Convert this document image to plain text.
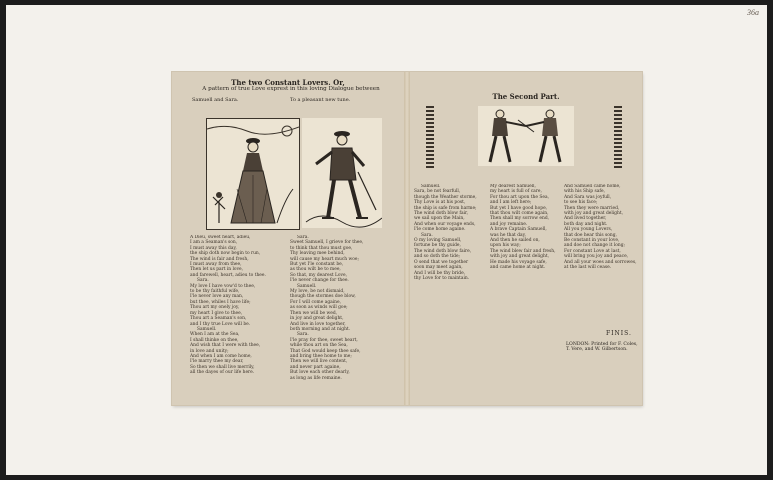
36a
The two Constant Lovers. Or,
A pattern of true Love exprest in this loving Dialogue between
Samuell and Sara.	To a pleasant new tune.
A Dieu, sweet heart, adieu,
I am a Seaman's son,
I must away this day,
the ship doth now begin to run,
The wind is fair and fresh,
I must away from thee,
Then let us part in love,
and farewell, heart, adieu to thee.
Sara.
My love I have vow'd to thee,
to be thy faithful wife,
I'le never love any man,
but thee, whiles I have life;
Thou art my onely joy,
my heart I give to thee,
Thou art a Seaman's son,
and I thy true Love will be.
Samuell.
When I am at the Sea,
I shall thinke on thee,
And wish that I were with thee,
in love and unity;
And when I am come home,
I'le marry thee my dear,
So then we shall live merrily,
all the dayes of our life here.
Sara.
Sweet Samuell, I grieve for thee,
to think that thou must goe,
Thy leaving mee behind,
will cause my heart much woe;
But yet I'le constant be,
as thou wilt be to mee,
So that, my dearest Love,
I'le never change for thee.
Samuell.
My love, be not dismaid,
though the stormes doe blow,
For I will come againe,
as soon as winds will goe;
Then we will be wed,
in joy and great delight,
And live in love together,
both morning and at night.
Sara.
I'le pray for thee, sweet heart,
while thou art on the Sea,
That God would keep thee safe,
and bring thee home to me;
Then we will live content,
and never part againe,
But love each other dearly,
as long as life remaine.
The Second Part.
Samuell.
Sara, be not fearfull,
though the Weather storme,
Thy Love is at his post,
the ship is safe from harme;
The wind doth blow fair,
we sail upon the Main,
And when our voyage ends,
I'le come home againe.
Sara.
O my loving Samuell,
fortune be thy guide,
The wind doth blow faire,
and so doth the tide;
O send that we together
soon may meet again,
And I will be thy bride,
thy Love for to maintain.
My dearest Samuell,
my heart is full of care,
For thou art upon the Sea,
and I am left here;
But yet I have good hope,
that thou wilt come again,
Then shall my sorrow end,
and joy remaine.
A brave Captain Samuell,
was he that day,
And then he sailed on,
upon his way;
The wind blew fair and fresh,
with joy and great delight,
He made his voyage safe,
and came home at night.
And Samuell came home,
with his Ship safe,
And Sara was joyfull,
to see his face;
Then they were married,
with joy and great delight,
And lived together,
both day and night.
All you young Lovers,
that doe hear this song,
Be constant in your love,
and doe not change it long;
For constant Love at last,
will bring you joy and peace,
And all your woes and sorrowes,
at the last will cease.
FINIS.
LONDON: Printed for F. Coles,
T. Vere, and W. Gilbertson.
